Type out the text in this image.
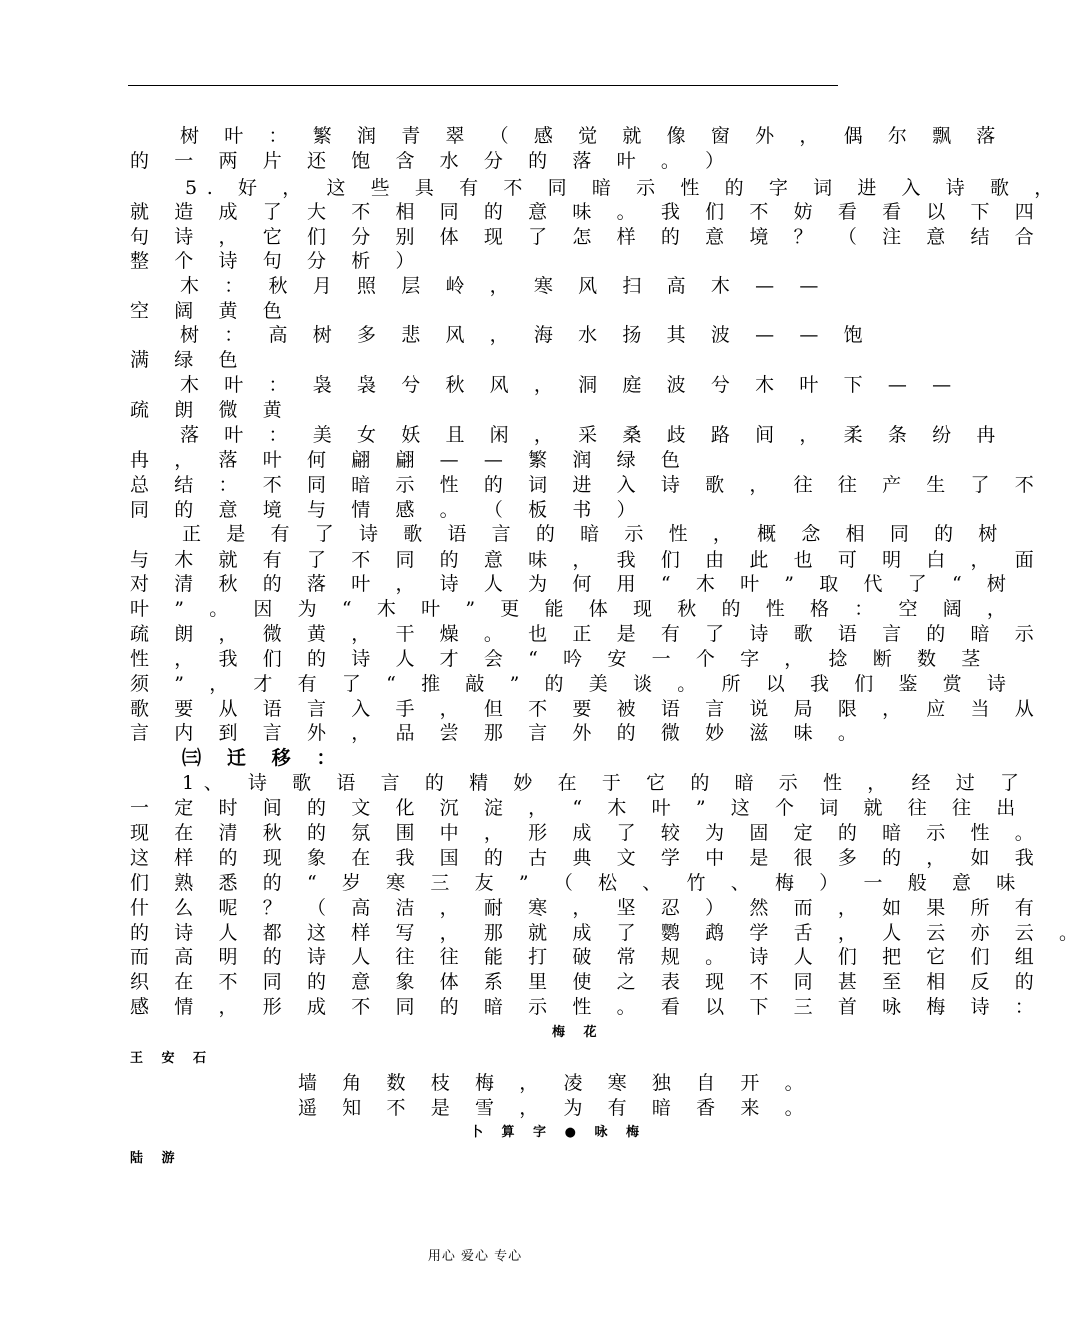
树 叶 ： 繁 润 青 翠 （ 感 觉 就 像 窗 外 ， 偶 尔 飘 落
的 一 两 片 还 饱 含 水 分 的 落 叶 。 ）
5. 好 ， 这 些 具 有 不 同 暗 示 性 的 字 词 进 入 诗 歌 ，
就 造 成 了 大 不 相 同 的 意 味 。 我 们 不 妨 看 看 以 下 四
句 诗 ， 它 们 分 别 体 现 了 怎 样 的 意 境 ？ （ 注 意 结 合
整 个 诗 句 分 析 ）
木 ： 秋 月 照 层 岭 ， 寒 风 扫 高 木 — —
空 阔 黄 色
树 ： 高 树 多 悲 风 ， 海 水 扬 其 波 — — 饱
满 绿 色
木 叶 ： 袅 袅 兮 秋 风 ， 洞 庭 波 兮 木 叶 下 — —
疏 朗 微 黄
落 叶 ： 美 女 妖 且 闲 ， 采 桑 歧 路 间 ， 柔 条 纷 冉
冉 ， 落 叶 何 翩 翩 — — 繁 润 绿 色
总 结 ： 不 同 暗 示 性 的 词 进 入 诗 歌 ， 往 往 产 生 了 不
同 的 意 境 与 情 感 。 （ 板 书 ）
正 是 有 了 诗 歌 语 言 的 暗 示 性 ， 概 念 相 同 的 树
与 木 就 有 了 不 同 的 意 味 ， 我 们 由 此 也 可 明 白 ， 面
对 清 秋 的 落 叶 ， 诗 人 为 何 用 “ 木 叶 ” 取 代 了 “ 树
叶 ” 。 因 为 “ 木 叶 ” 更 能 体 现 秋 的 性 格 ： 空 阔 ，
疏 朗 ， 微 黄 ， 干 燥 。 也 正 是 有 了 诗 歌 语 言 的 暗 示
性 ， 我 们 的 诗 人 才 会 “ 吟 安 一 个 字 ， 捻 断 数 茎
须 ” ， 才 有 了 “ 推 敲 ” 的 美 谈 。 所 以 我 们 鉴 赏 诗
歌 要 从 语 言 入 手 ， 但 不 要 被 语 言 说 局 限 ， 应 当 从
言 内 到 言 外 ， 品 尝 那 言 外 的 微 妙 滋 味 。
㈢ 迁 移 ：
1、 诗 歌 语 言 的 精 妙 在 于 它 的 暗 示 性 ， 经 过 了
一 定 时 间 的 文 化 沉 淀 ， “ 木 叶 ” 这 个 词 就 往 往 出
现 在 清 秋 的 氛 围 中 ， 形 成 了 较 为 固 定 的 暗 示 性 。
这 样 的 现 象 在 我 国 的 古 典 文 学 中 是 很 多 的 ， 如 我
们 熟 悉 的 “ 岁 寒 三 友 ” （ 松 、 竹 、 梅 ） 一 般 意 味
什 么 呢 ？ （ 高 洁 ， 耐 寒 ， 坚 忍 ） 然 而 ， 如 果 所 有
的 诗 人 都 这 样 写 ， 那 就 成 了 鹦 鹉 学 舌 ， 人 云 亦 云 。
而 高 明 的 诗 人 往 往 能 打 破 常 规 。 诗 人 们 把 它 们 组
织 在 不 同 的 意 象 体 系 里 使 之 表 现 不 同 甚 至 相 反 的
感 情 ， 形 成 不 同 的 暗 示 性 。 看 以 下 三 首 咏 梅 诗 ：
梅 花
王 安 石
墙 角 数 枝 梅 ， 凌 寒 独 自 开 。
遥 知 不 是 雪 ， 为 有 暗 香 来 。
卜 算 字 ● 咏 梅
陆 游
用心 爱心 专心
